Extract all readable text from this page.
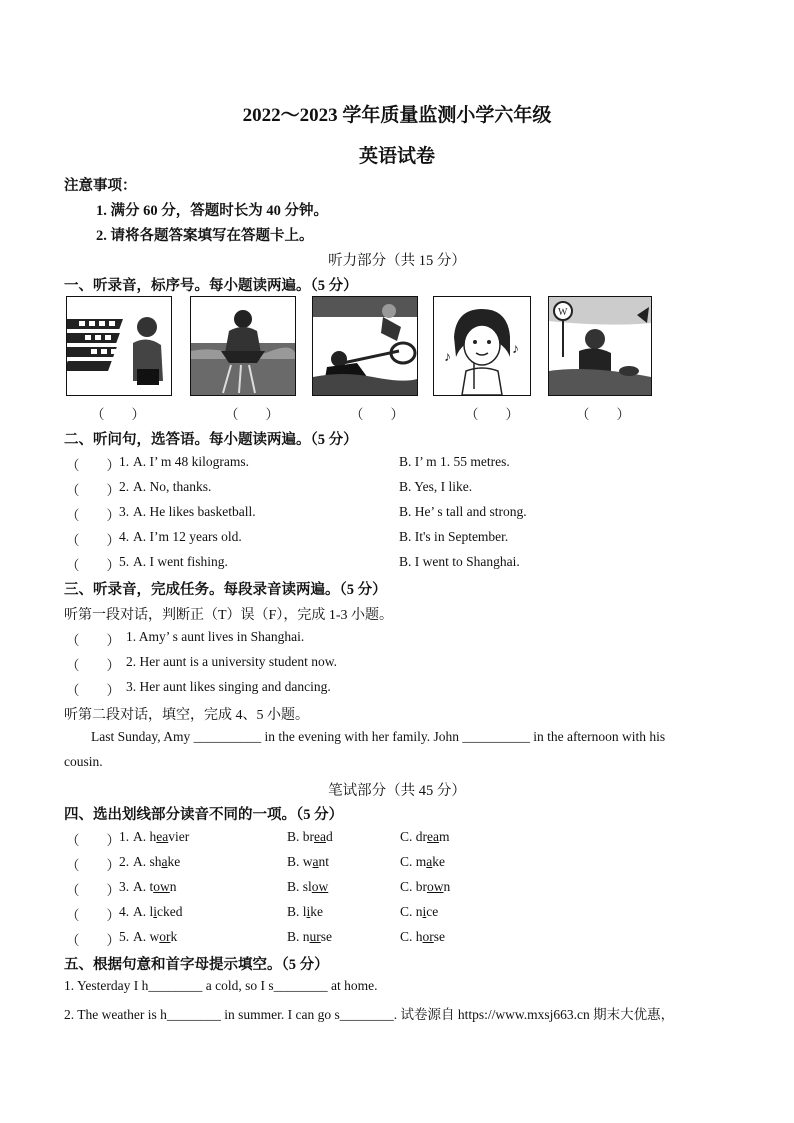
2022～2023 学年质量监测小学六年级
英语试卷
注意事项：
1. 满分 60 分，答题时长为 40 分钟。
2. 请将各题答案填写在答题卡上。
听力部分（共 15 分）
一、听录音，标序号。每小题读两遍。（5 分）
♪
♪
W
（　　）	（　　）	（　　）	（　　）	（　　）
二、听问句，选答语。每小题读两遍。（5 分）
（　　） 1. A. I’ m 48 kilograms.	B. I’ m 1. 55 metres.
（　　） 2. A. No, thanks.	B. Yes, I like.
（　　） 3. A. He likes basketball.	B. He’ s tall and strong.
（　　） 4. A. I’m 12 years old.	B. It's in September.
（　　） 5. A. I went fishing.	B. I went to Shanghai.
三、听录音，完成任务。每段录音读两遍。（5 分）
听第一段对话，判断正（T）误（F），完成 1-3 小题。
（　　） 1. Amy’ s aunt lives in Shanghai.
（　　） 2. Her aunt is a university student now.
（　　） 3. Her aunt likes singing and dancing.
听第二段对话，填空，完成 4、5 小题。
Last Sunday, Amy __________ in the evening with her family. John __________ in the afternoon with his
cousin.
笔试部分（共 45 分）
四、选出划线部分读音不同的一项。（5 分）
（　　） 1. A. heavier	B. bread	C. dream
（　　） 2. A. shake	B. want	C. make
（　　） 3. A. town	B. slow	C. brown
（　　） 4. A. licked	B. like	C. nice
（　　） 5. A. work	B. nurse	C. horse
五、根据句意和首字母提示填空。（5 分）
1. Yesterday I h________ a cold, so I s________ at home.
2. The weather is h________ in summer. I can go s________. 试卷源自 https://www.mxsj663.cn 期末大优惠，
